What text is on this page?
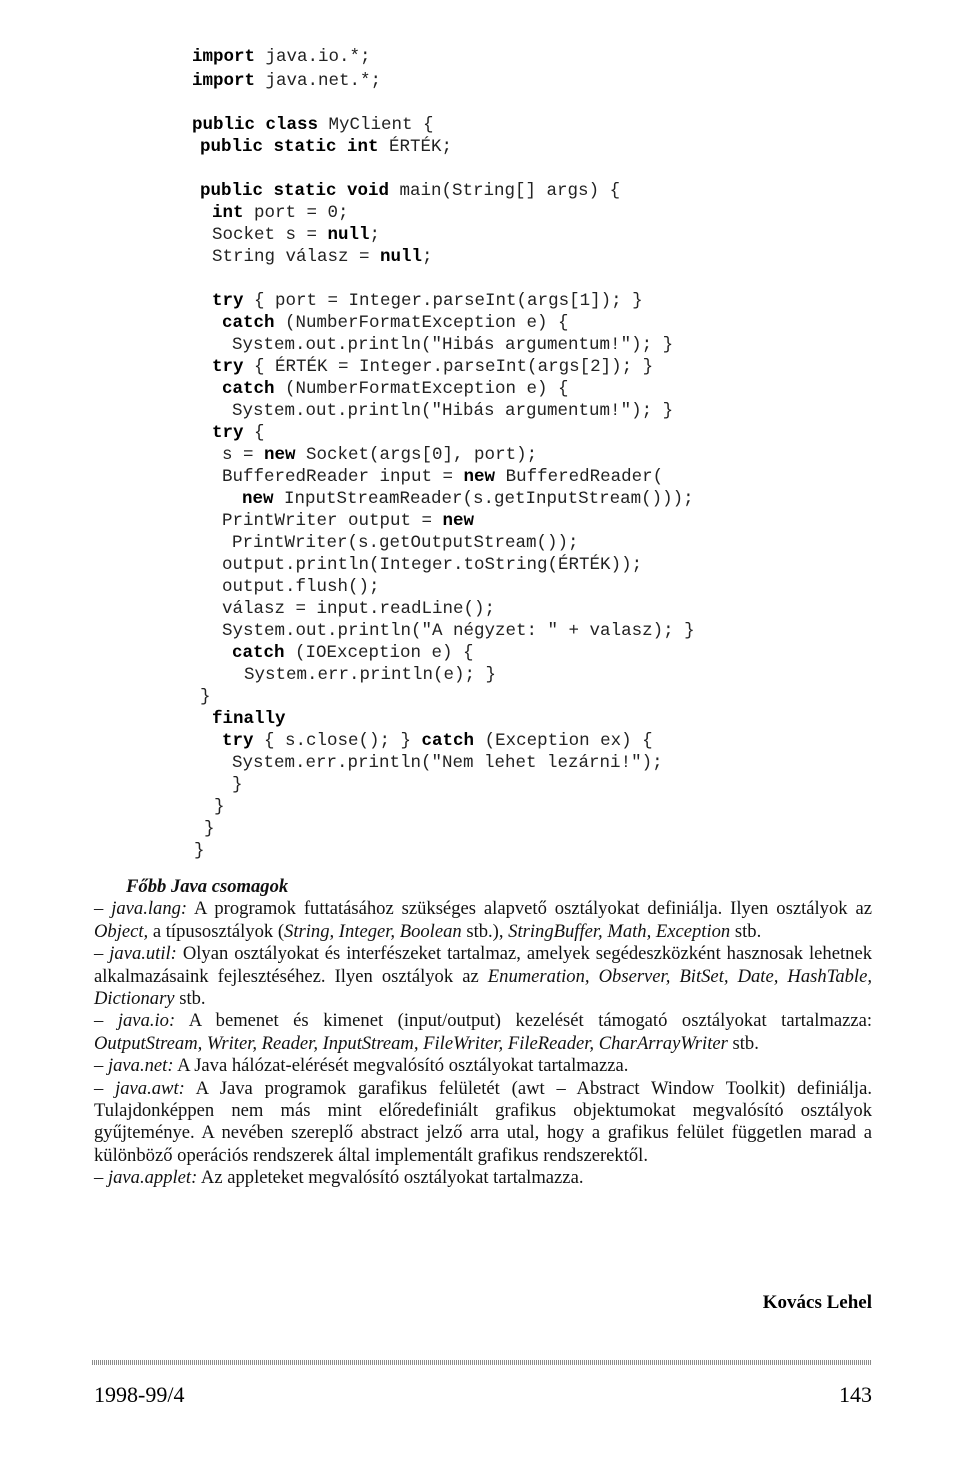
import java.io.*;
import java.net.*;
public class MyClient {
public static int ÉRTÉK;
public static void main(String[] args) {
int port = 0;
Socket s = null;
String válasz = null;
try { port = Integer.parseInt(args[1]); }
catch (NumberFormatException e) {
System.out.println("Hibás argumentum!"); }
try { ÉRTÉK = Integer.parseInt(args[2]); }
catch (NumberFormatException e) {
System.out.println("Hibás argumentum!"); }
try {
s = new Socket(args[0], port);
BufferedReader input = new BufferedReader(
new InputStreamReader(s.getInputStream()));
PrintWriter output = new
PrintWriter(s.getOutputStream());
output.println(Integer.toString(ÉRTÉK));
output.flush();
válasz = input.readLine();
System.out.println("A négyzet: " + valasz); }
catch (IOException e) {
System.err.println(e); }
}
finally
try { s.close(); } catch (Exception ex) {
System.err.println("Nem lehet lezárni!");
}
}
}
}

Főbb Java csomagok

– java.lang: A programok futtatásához szükséges alapvető osztályokat definiálja. Ilyen osztályok az Object, a típusosztályok (String, Integer, Boolean stb.), StringBuffer, Math, Exception stb.

– java.util: Olyan osztályokat és interfészeket tartalmaz, amelyek segédeszközként hasznosak lehetnek alkalmazásaink fejlesztéséhez. Ilyen osztályok az Enumeration, Observer, BitSet, Date, HashTable, Dictionary stb.

– java.io: A bemenet és kimenet (input/output) kezelését támogató osztályokat tartalmazza: OutputStream, Writer, Reader, InputStream, FileWriter, FileReader, CharArrayWriter stb.

– java.net: A Java hálózat-elérését megvalósító osztályokat tartalmazza.

– java.awt: A Java programok garafikus felületét (awt – Abstract Window Toolkit) definiálja. Tulajdonképpen nem más mint előredefiniált grafikus objektumokat megvalósító osztályok gyűjteménye. A nevében szereplő abstract jelző arra utal, hogy a grafikus felület független marad a különböző operációs rendszerek által implementált grafikus rendszerektől.

– java.applet: Az appleteket megvalósító osztályokat tartalmazza.

Kovács Lehel
1998-99/4	143
